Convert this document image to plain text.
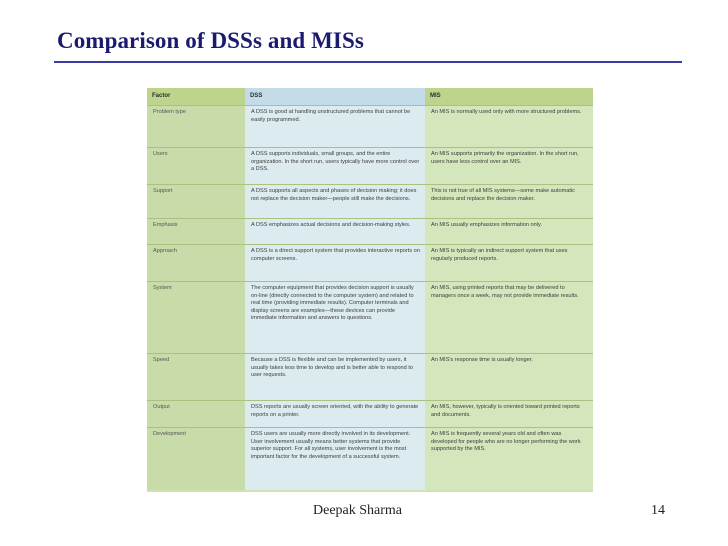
Comparison of DSSs and MISs
Factor	DSS	MIS
Problem type	A DSS is good at handling unstructured problems that cannot be easily programmed.	An MIS is normally used only with more structured problems.
Users	A DSS supports individuals, small groups, and the entire organization. In the short run, users typically have more control over a DSS.	An MIS supports primarily the organization. In the short run, users have less control over an MIS.
Support	A DSS supports all aspects and phases of decision making; it does not replace the decision maker—people still make the decisions.	This is not true of all MIS systems—some make automatic decisions and replace the decision maker.
Emphasis	A DSS emphasizes actual decisions and decision-making styles.	An MIS usually emphasizes information only.
Approach	A DSS is a direct support system that provides interactive reports on computer screens.	An MIS is typically an indirect support system that uses regularly produced reports.
System	The computer equipment that provides decision support is usually on-line (directly connected to the computer system) and related to real time (providing immediate results). Computer terminals and display screens are examples—these devices can provide immediate information and answers to questions.	An MIS, using printed reports that may be delivered to managers once a week, may not provide immediate results.
Speed	Because a DSS is flexible and can be implemented by users, it usually takes less time to develop and is better able to respond to user requests.	An MIS's response time is usually longer.
Output	DSS reports are usually screen oriented, with the ability to generate reports on a printer.	An MIS, however, typically is oriented toward printed reports and documents.
Development	DSS users are usually more directly involved in its development. User involvement usually means better systems that provide superior support. For all systems, user involvement is the most important factor for the development of a successful system.	An MIS is frequently several years old and often was developed for people who are no longer performing the work supported by the MIS.
Deepak Sharma	14
